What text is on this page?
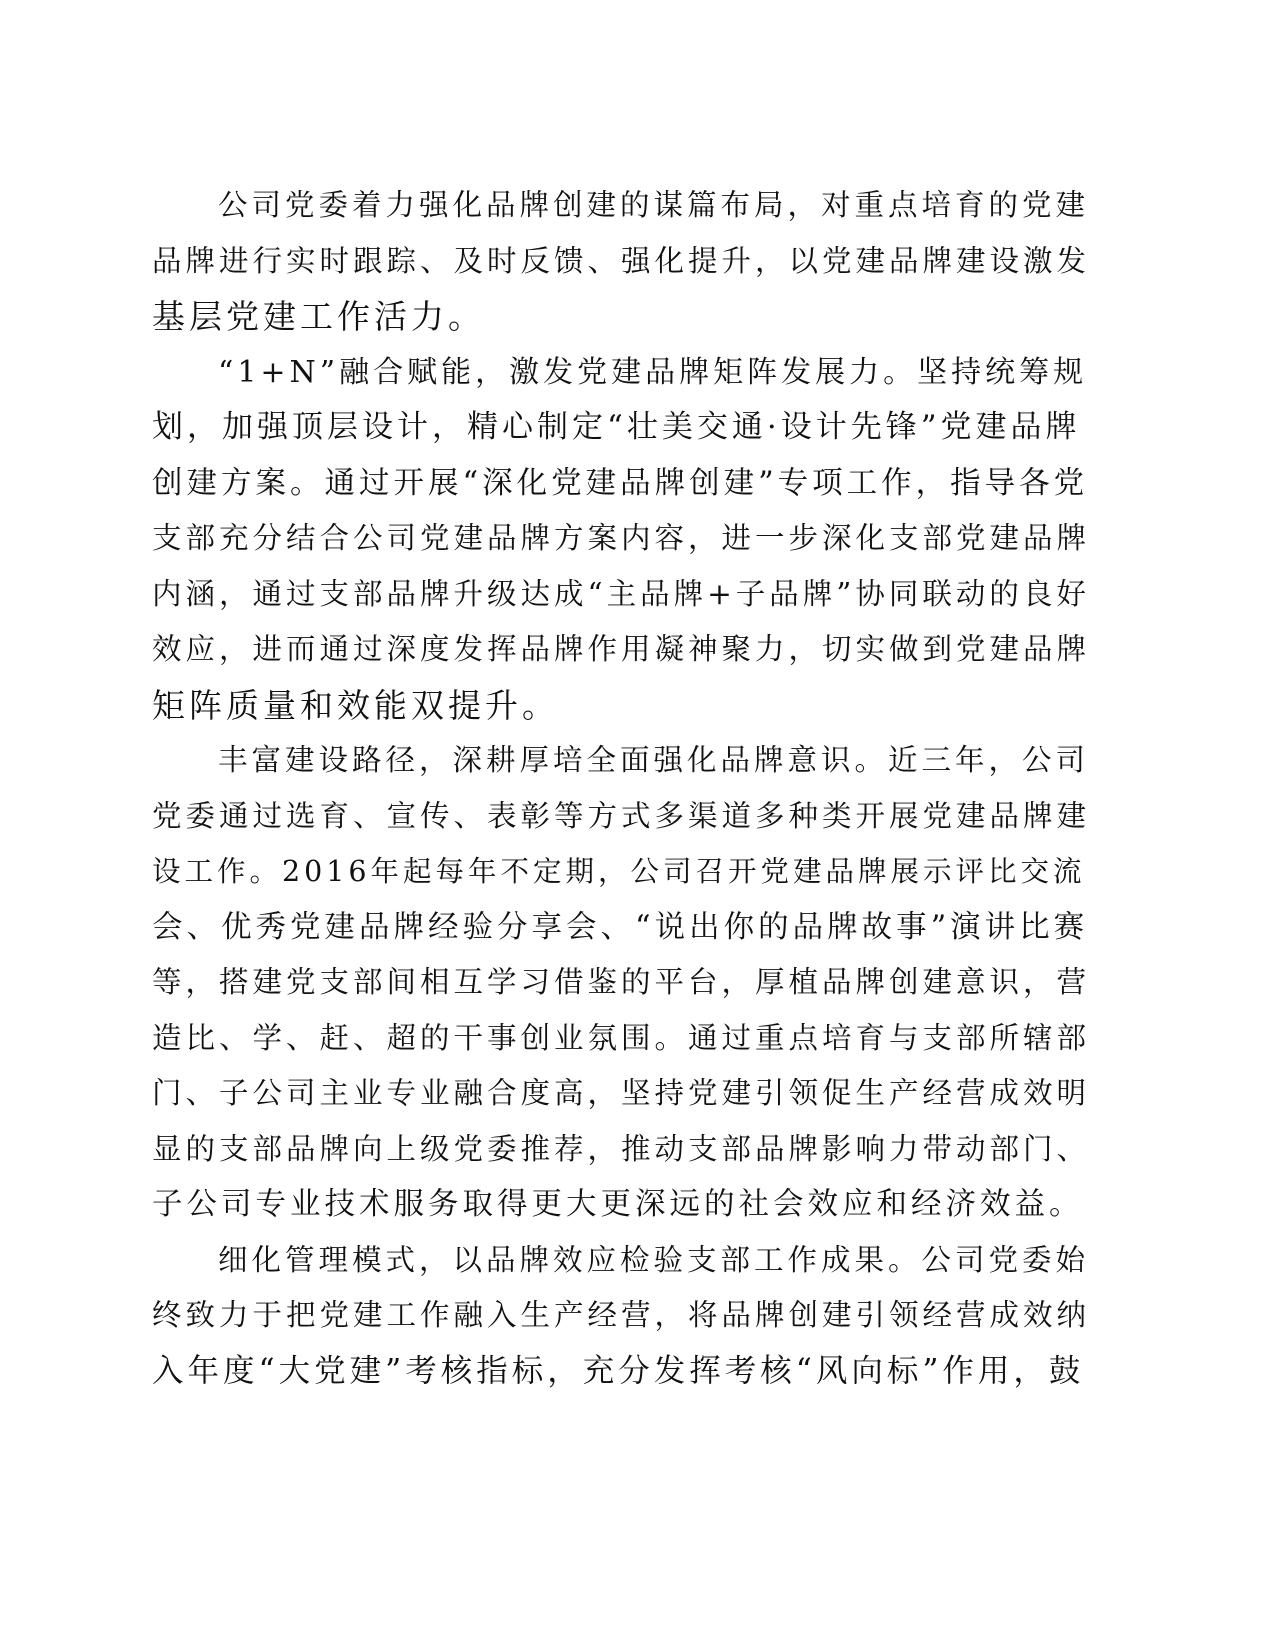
公司党委着力强化品牌创建的谋篇布局，对重点培育的党建
品牌进行实时跟踪、及时反馈、强化提升，以党建品牌建设激发
基层党建工作活力。

“1+N”融合赋能，激发党建品牌矩阵发展力。坚持统筹规
划，加强顶层设计，精心制定“壮美交通·设计先锋”党建品牌
创建方案。通过开展“深化党建品牌创建”专项工作，指导各党
支部充分结合公司党建品牌方案内容，进一步深化支部党建品牌
内涵，通过支部品牌升级达成“主品牌+子品牌”协同联动的良好
效应，进而通过深度发挥品牌作用凝神聚力，切实做到党建品牌
矩阵质量和效能双提升。

丰富建设路径，深耕厚培全面强化品牌意识。近三年，公司
党委通过选育、宣传、表彰等方式多渠道多种类开展党建品牌建
设工作。2016年起每年不定期，公司召开党建品牌展示评比交流
会、优秀党建品牌经验分享会、“说出你的品牌故事”演讲比赛
等，搭建党支部间相互学习借鉴的平台，厚植品牌创建意识，营
造比、学、赶、超的干事创业氛围。通过重点培育与支部所辖部
门、子公司主业专业融合度高，坚持党建引领促生产经营成效明
显的支部品牌向上级党委推荐，推动支部品牌影响力带动部门、
子公司专业技术服务取得更大更深远的社会效应和经济效益。

细化管理模式，以品牌效应检验支部工作成果。公司党委始
终致力于把党建工作融入生产经营，将品牌创建引领经营成效纳
入年度“大党建”考核指标，充分发挥考核“风向标”作用，鼓
